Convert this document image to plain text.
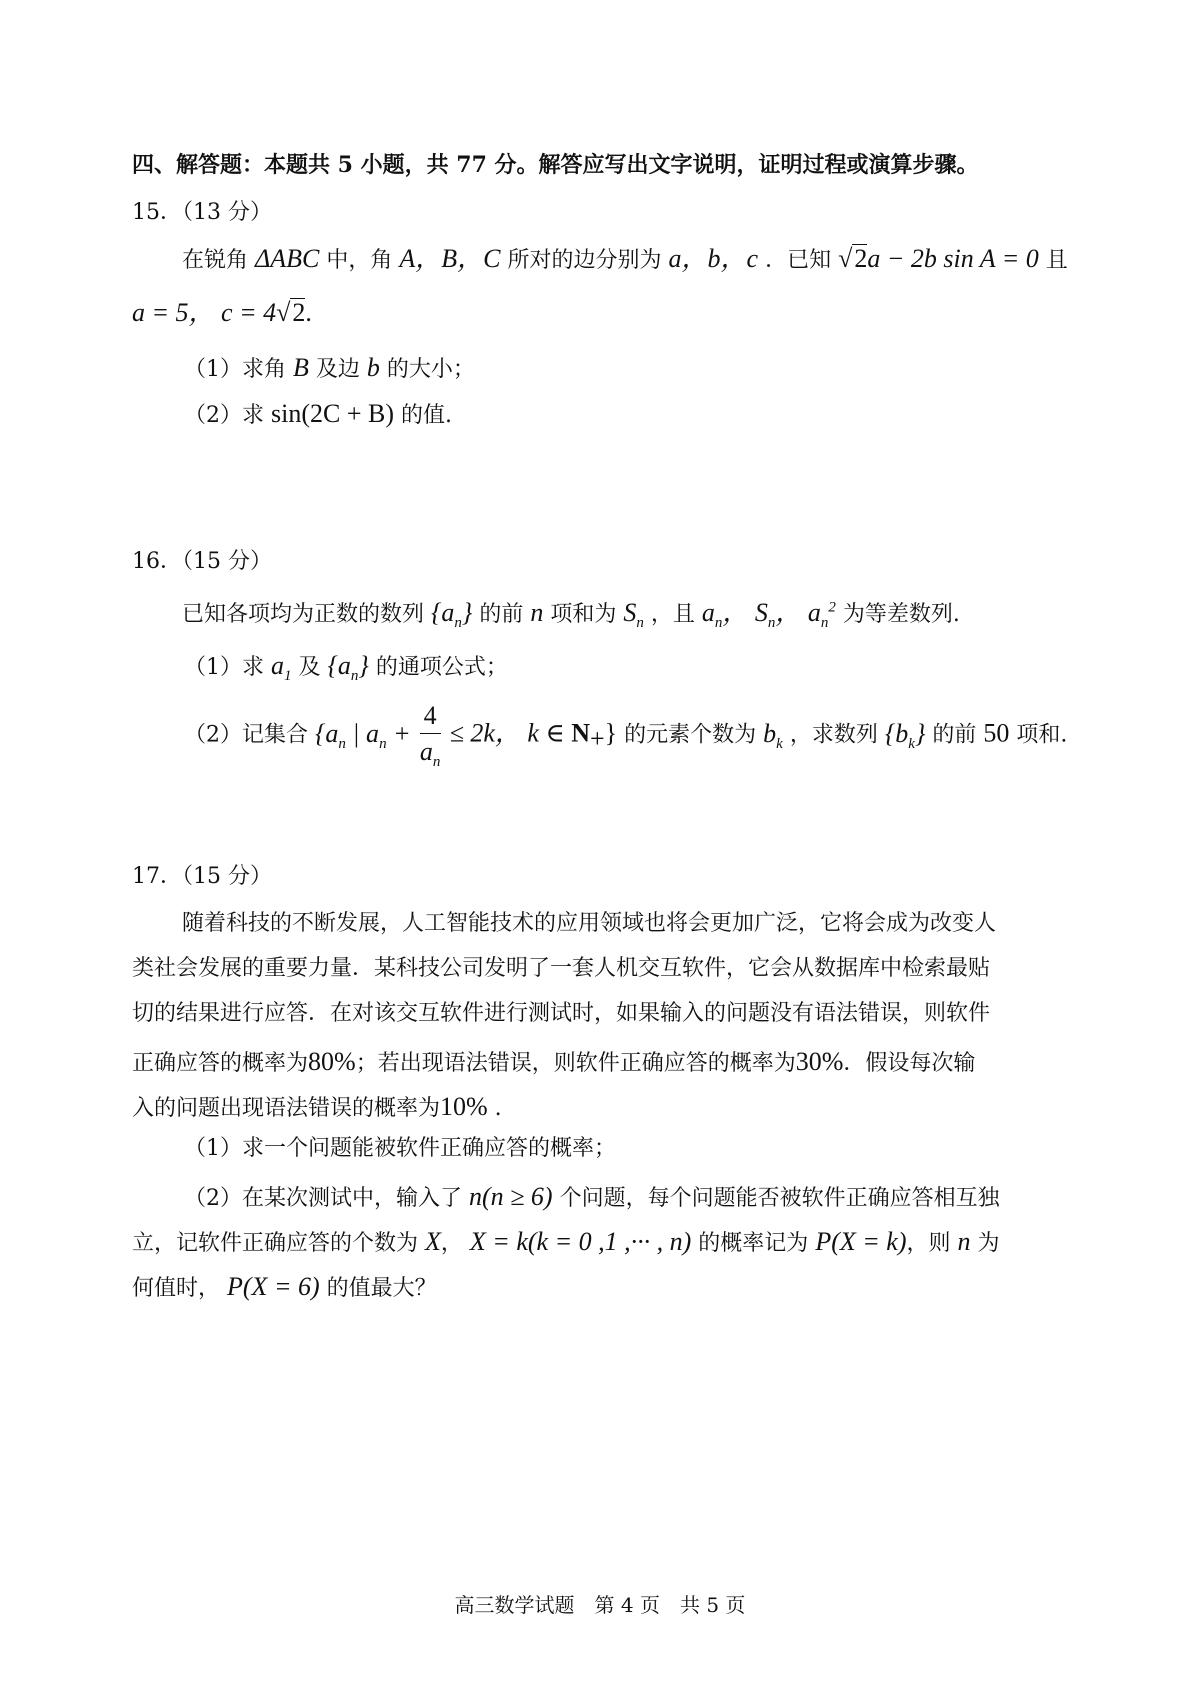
四、解答题：本题共 5 小题，共 77 分。解答应写出文字说明，证明过程或演算步骤。
15．（13 分）
在锐角 ΔABC 中，角 A，B，C 所对的边分别为 a，b，c ．已知 √2a − 2b sin A = 0 且
a = 5， c = 4√2.
（1）求角 B 及边 b 的大小；
（2）求 sin(2C + B) 的值.
16．（15 分）
已知各项均为正数的数列 $\{a_n\}$ 的前 n 项和为 $S_n$ ，且 $a_n$， $S_n$， $a_n^2$ 为等差数列.
（1）求 $a_1$ 及 $\{a_n\}$ 的通项公式；
（2）记集合 {$a_n$ | $a_n + \frac{4}{a_n} \le 2k$， k ∈ $N_+$} 的元素个数为 $b_k$ ，求数列 $\{b_k\}$ 的前 50 项和.
17．（15 分）
随着科技的不断发展，人工智能技术的应用领域也将会更加广泛，它将会成为改变人
类社会发展的重要力量．某科技公司发明了一套人机交互软件，它会从数据库中检索最贴
切的结果进行应答．在对该交互软件进行测试时，如果输入的问题没有语法错误，则软件
正确应答的概率为80%；若出现语法错误，则软件正确应答的概率为30%．假设每次输
入的问题出现语法错误的概率为10% .
（1）求一个问题能被软件正确应答的概率；
（2）在某次测试中，输入了 n(n ≥ 6) 个问题，每个问题能否被软件正确应答相互独
立，记软件正确应答的个数为 X， X = k(k = 0 ,1 ,··· , n) 的概率记为 P(X = k)，则 n 为
何值时， P(X = 6) 的值最大？
高三数学试题　第 4 页　共 5 页
